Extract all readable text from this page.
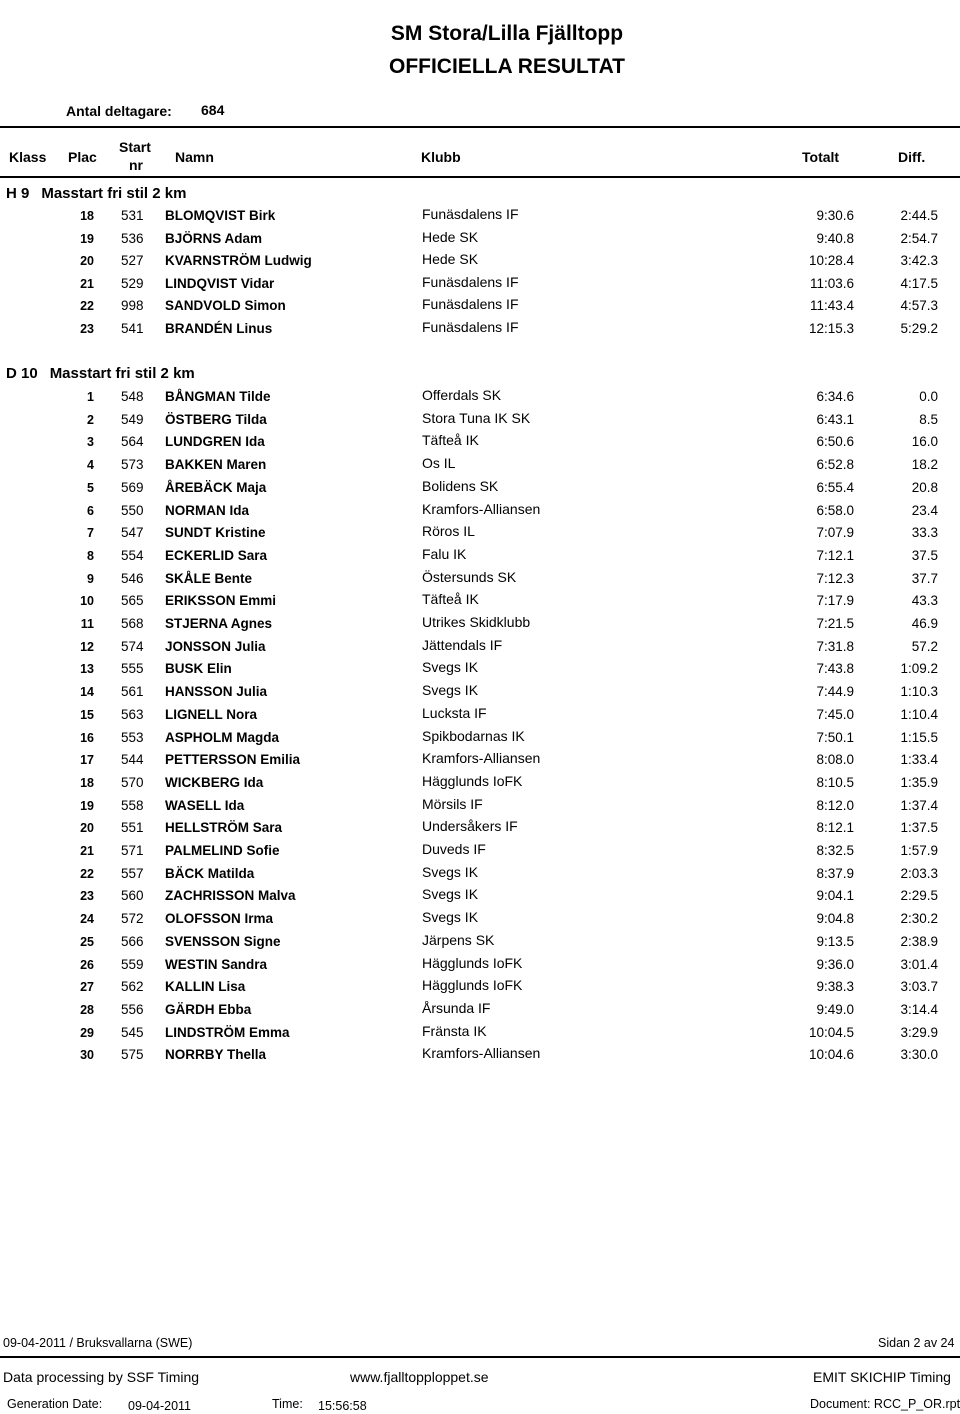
SM Stora/Lilla Fjälltopp
OFFICIELLA RESULTAT
Antal deltagare: 684
Klass Plac
Start
nr Namn	Klubb	Totalt	Diff.
H 9 Masstart fri stil 2 km
18 531 BLOMQVIST Birk	Funäsdalens IF	9:30.6	2:44.5
19 536 BJÖRNS Adam	Hede SK	9:40.8	2:54.7
20 527 KVARNSTRÖM Ludwig	Hede SK	10:28.4	3:42.3
21 529 LINDQVIST Vidar	Funäsdalens IF	11:03.6	4:17.5
22 998 SANDVOLD Simon	Funäsdalens IF	11:43.4	4:57.3
23 541 BRANDÉN Linus	Funäsdalens IF	12:15.3	5:29.2
D 10 Masstart fri stil 2 km
1 548 BÅNGMAN Tilde	Offerdals SK	6:34.6	0.0
2 549 ÖSTBERG Tilda	Stora Tuna IK SK	6:43.1	8.5
3 564 LUNDGREN Ida	Täfteå IK	6:50.6	16.0
4 573 BAKKEN Maren	Os IL	6:52.8	18.2
5 569 ÅREBÄCK Maja	Bolidens SK	6:55.4	20.8
6 550 NORMAN Ida	Kramfors-Alliansen	6:58.0	23.4
7 547 SUNDT Kristine	Röros IL	7:07.9	33.3
8 554 ECKERLID Sara	Falu IK	7:12.1	37.5
9 546 SKÅLE Bente	Östersunds SK	7:12.3	37.7
10 565 ERIKSSON Emmi	Täfteå IK	7:17.9	43.3
11 568 STJERNA Agnes	Utrikes Skidklubb	7:21.5	46.9
12 574 JONSSON Julia	Jättendals IF	7:31.8	57.2
13 555 BUSK Elin	Svegs IK	7:43.8	1:09.2
14 561 HANSSON Julia	Svegs IK	7:44.9	1:10.3
15 563 LIGNELL Nora	Lucksta IF	7:45.0	1:10.4
16 553 ASPHOLM Magda	Spikbodarnas IK	7:50.1	1:15.5
17 544 PETTERSSON Emilia	Kramfors-Alliansen	8:08.0	1:33.4
18 570 WICKBERG Ida	Hägglunds IoFK	8:10.5	1:35.9
19 558 WASELL Ida	Mörsils IF	8:12.0	1:37.4
20 551 HELLSTRÖM Sara	Undersåkers IF	8:12.1	1:37.5
21 571 PALMELIND Sofie	Duveds IF	8:32.5	1:57.9
22 557 BÄCK Matilda	Svegs IK	8:37.9	2:03.3
23 560 ZACHRISSON Malva	Svegs IK	9:04.1	2:29.5
24 572 OLOFSSON Irma	Svegs IK	9:04.8	2:30.2
25 566 SVENSSON Signe	Järpens SK	9:13.5	2:38.9
26 559 WESTIN Sandra	Hägglunds IoFK	9:36.0	3:01.4
27 562 KALLIN Lisa	Hägglunds IoFK	9:38.3	3:03.7
28 556 GÄRDH Ebba	Årsunda IF	9:49.0	3:14.4
29 545 LINDSTRÖM Emma	Fränsta IK	10:04.5	3:29.9
30 575 NORRBY Thella	Kramfors-Alliansen	10:04.6	3:30.0
09-04-2011 / Bruksvallarna (SWE)	Sidan 2 av 24
Data processing by SSF Timing	www.fjalltopploppet.se	EMIT SKICHIP Timing
Generation Date: 09-04-2011	Time: 15:56:58	Document: RCC_P_OR.rpt
